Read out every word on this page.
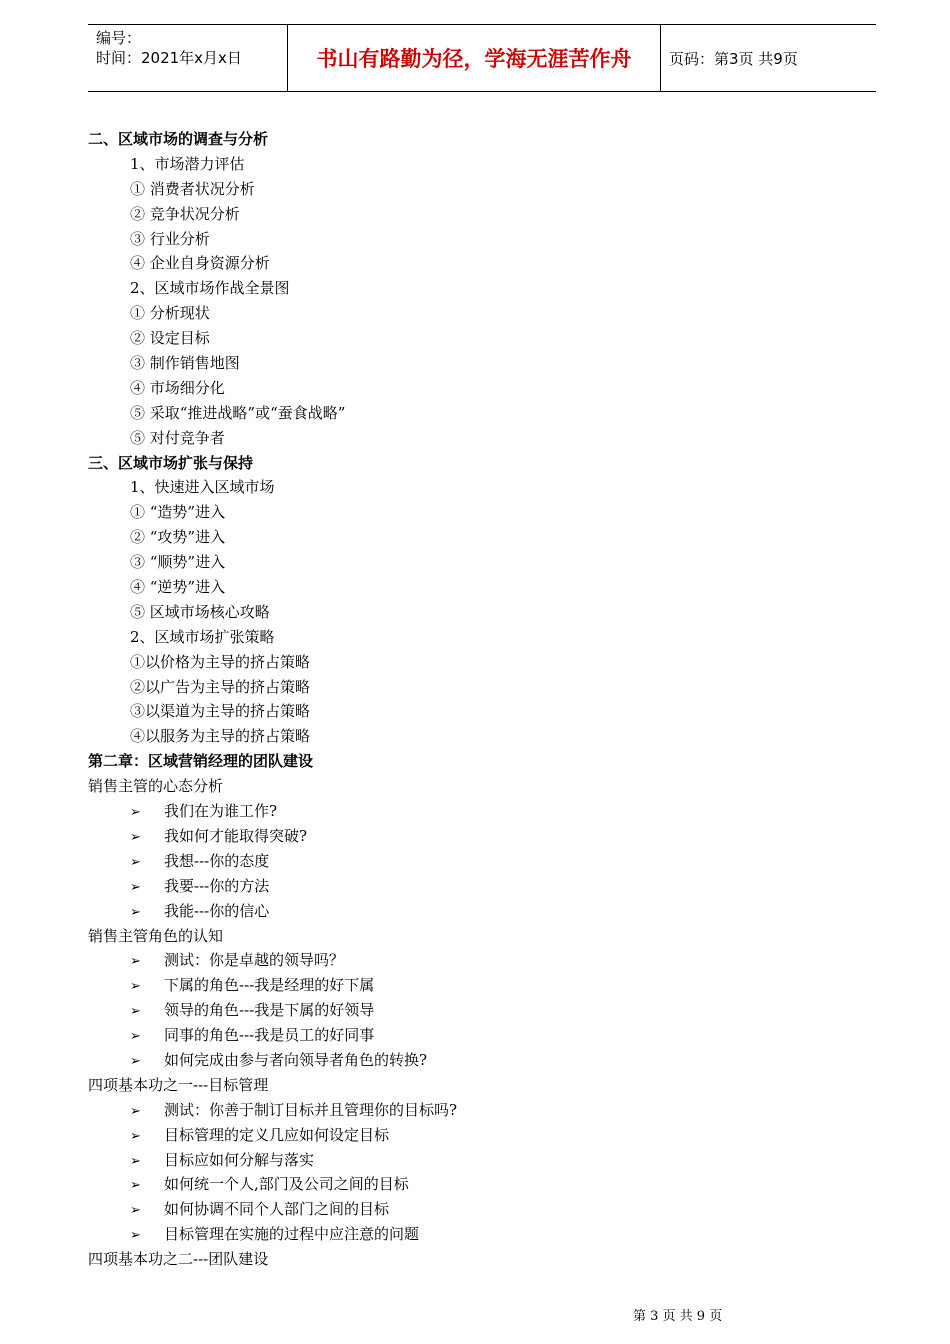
编号：
时间：2021年x月x日	书山有路勤为径，学海无涯苦作舟	页码：第3页 共9页
二、区域市场的调查与分析
1、市场潜力评估
① 消费者状况分析
② 竞争状况分析
③ 行业分析
④ 企业自身资源分析
2、区域市场作战全景图
① 分析现状
② 设定目标
③ 制作销售地图
④ 市场细分化
⑤ 采取“推进战略”或“蚕食战略”
⑤ 对付竞争者
三、区域市场扩张与保持
1、快速进入区域市场
① “造势”进入
② “攻势”进入
③ “顺势”进入
④ “逆势”进入
⑤ 区域市场核心攻略
2、区域市场扩张策略
①以价格为主导的挤占策略
②以广告为主导的挤占策略
③以渠道为主导的挤占策略
④以服务为主导的挤占策略
第二章：区域营销经理的团队建设
销售主管的心态分析
➢ 我们在为谁工作?
➢ 我如何才能取得突破?
➢ 我想---你的态度
➢ 我要---你的方法
➢ 我能---你的信心
销售主管角色的认知
➢ 测试：你是卓越的领导吗？
➢ 下属的角色---我是经理的好下属
➢ 领导的角色---我是下属的好领导
➢ 同事的角色---我是员工的好同事
➢ 如何完成由参与者向领导者角色的转换?
四项基本功之一---目标管理
➢ 测试：你善于制订目标并且管理你的目标吗?
➢ 目标管理的定义几应如何设定目标
➢ 目标应如何分解与落实
➢ 如何统一个人,部门及公司之间的目标
➢ 如何协调不同个人部门之间的目标
➢ 目标管理在实施的过程中应注意的问题
四项基本功之二---团队建设
第 3 页 共 9 页
